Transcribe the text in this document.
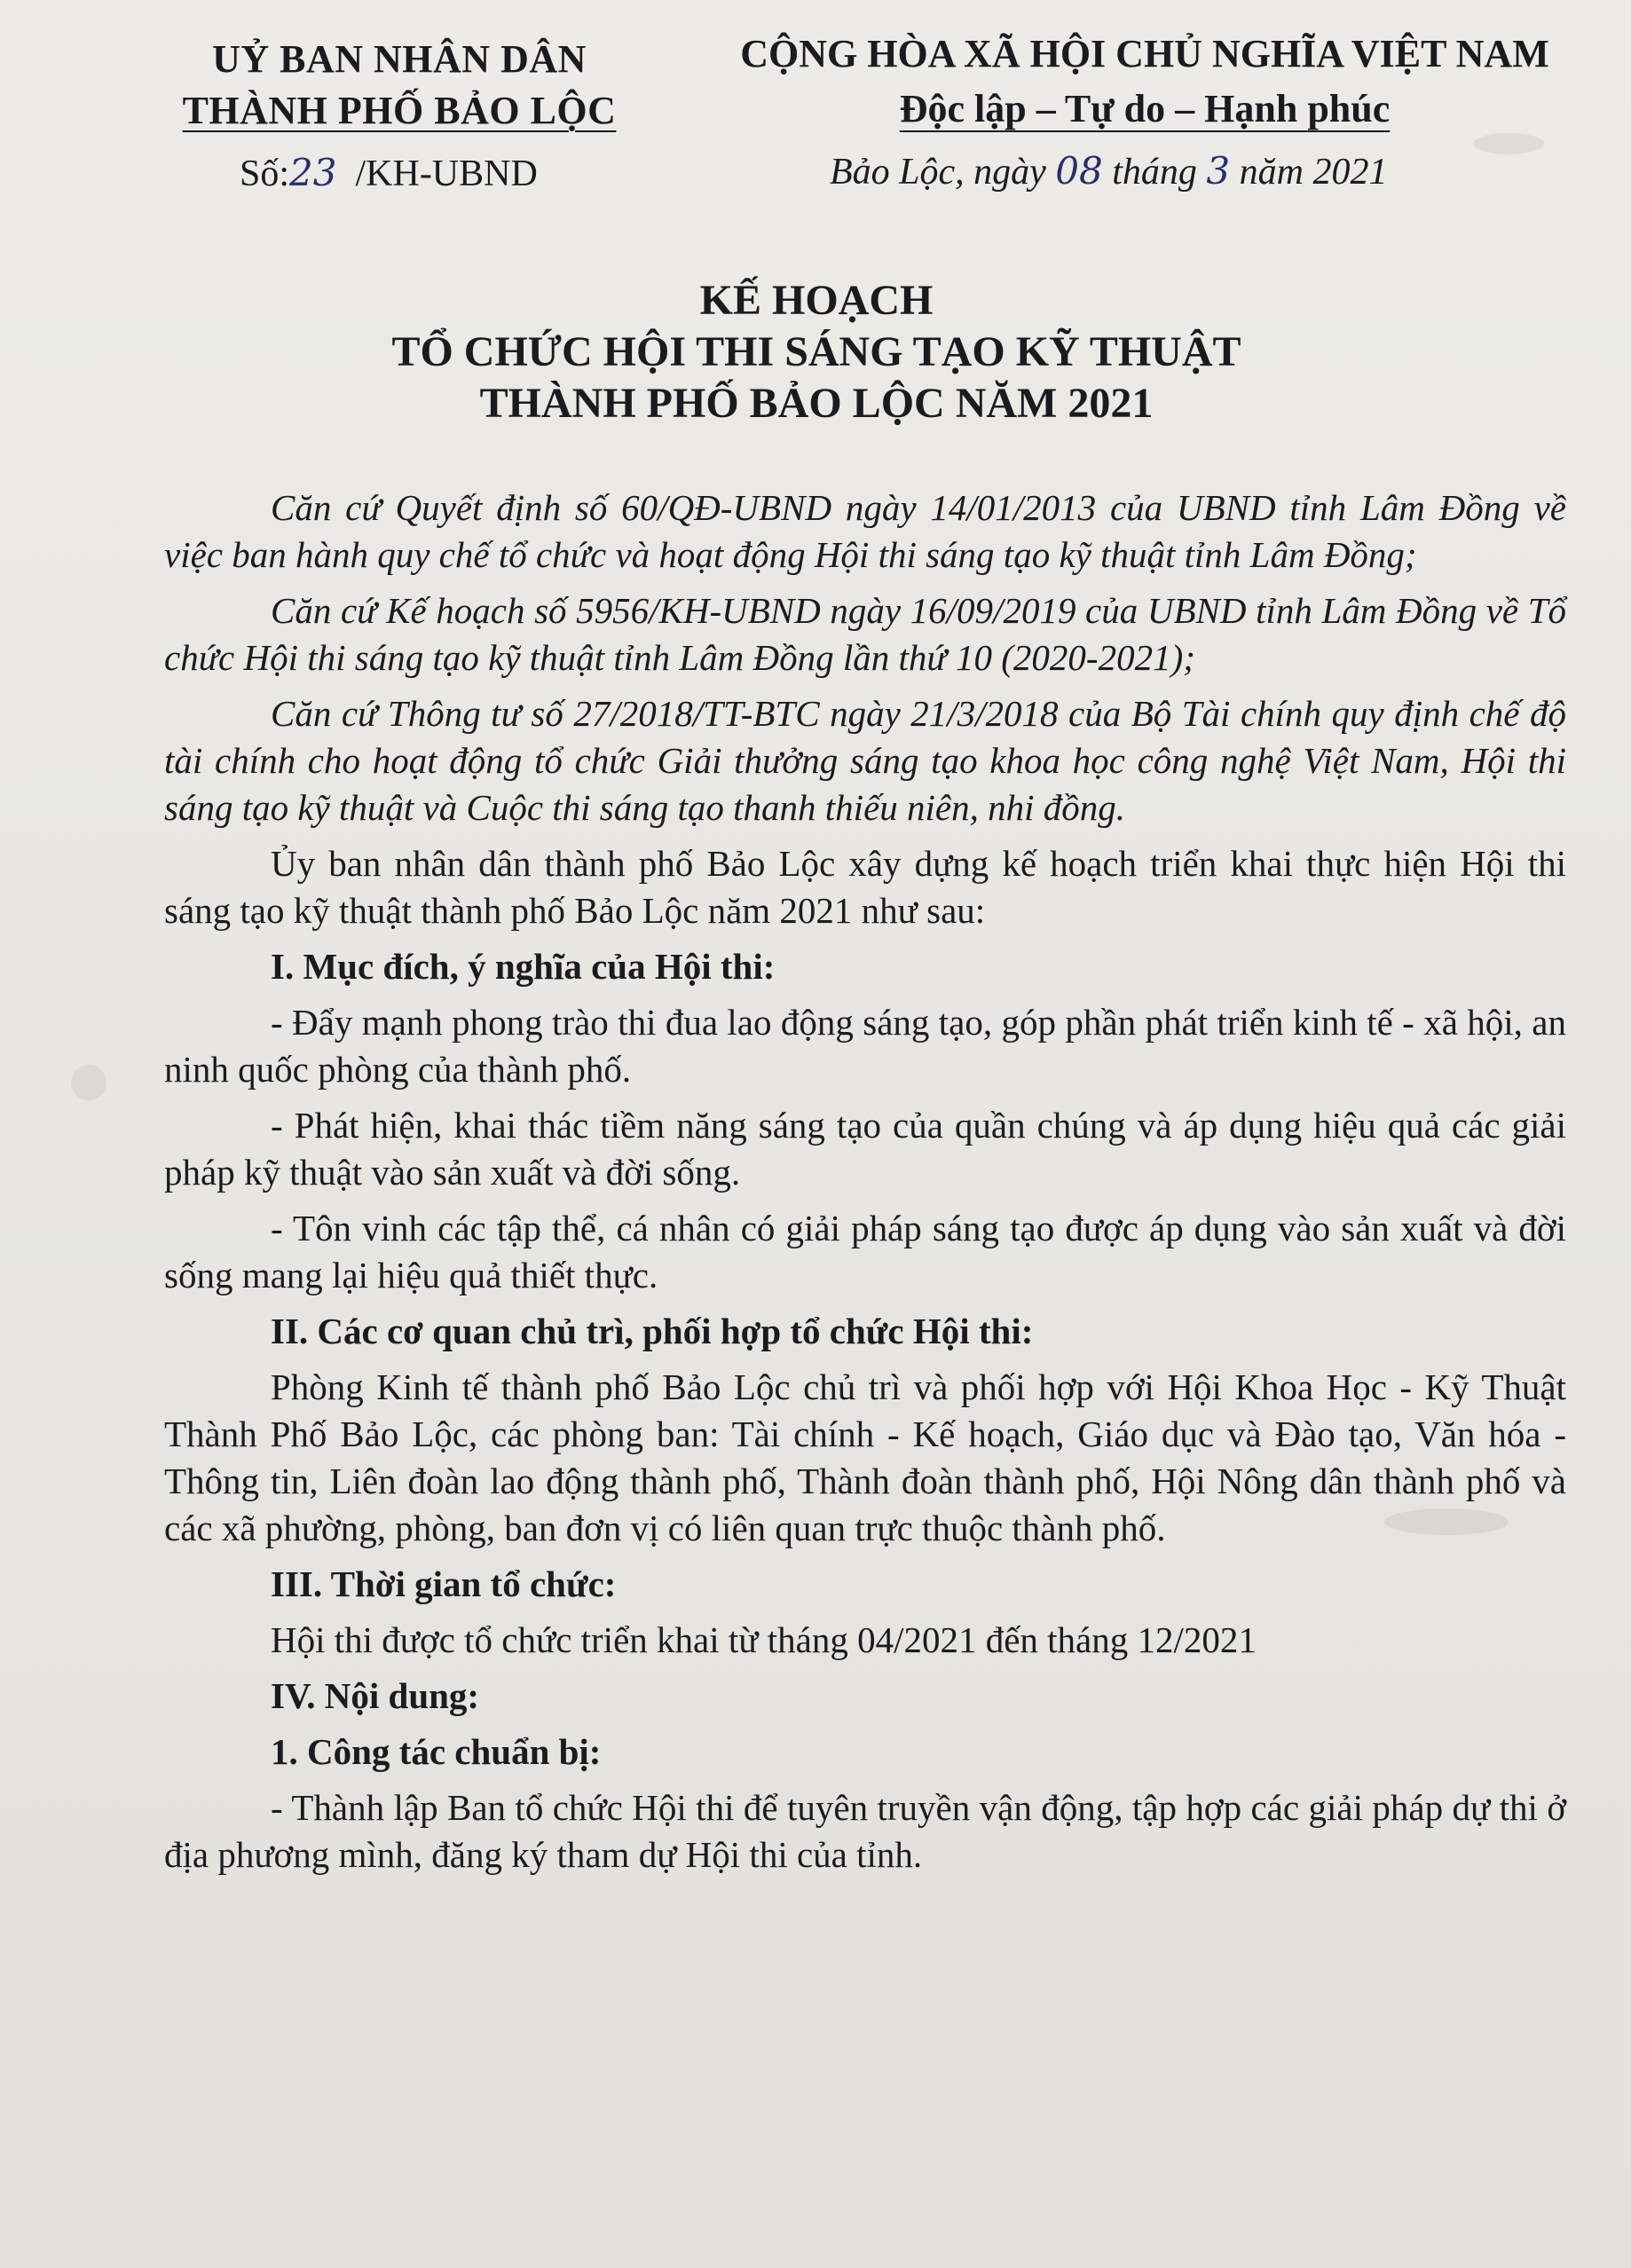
UỶ BAN NHÂN DÂN
THÀNH PHỐ BẢO LỘC
CỘNG HÒA XÃ HỘI CHỦ NGHĨA VIỆT NAM
Độc lập – Tự do – Hạnh phúc
Số:23 /KH-UBND	Bảo Lộc, ngày 08 tháng 3 năm 2021
KẾ HOẠCH
TỔ CHỨC HỘI THI SÁNG TẠO KỸ THUẬT
THÀNH PHỐ BẢO LỘC NĂM 2021

Căn cứ Quyết định số 60/QĐ-UBND ngày 14/01/2013 của UBND tỉnh Lâm Đồng về việc ban hành quy chế tổ chức và hoạt động Hội thi sáng tạo kỹ thuật tỉnh Lâm Đồng;

Căn cứ Kế hoạch số 5956/KH-UBND ngày 16/09/2019 của UBND tỉnh Lâm Đồng về Tổ chức Hội thi sáng tạo kỹ thuật tỉnh Lâm Đồng lần thứ 10 (2020-2021);

Căn cứ Thông tư số 27/2018/TT-BTC ngày 21/3/2018 của Bộ Tài chính quy định chế độ tài chính cho hoạt động tổ chức Giải thưởng sáng tạo khoa học công nghệ Việt Nam, Hội thi sáng tạo kỹ thuật và Cuộc thi sáng tạo thanh thiếu niên, nhi đồng.

Ủy ban nhân dân thành phố Bảo Lộc xây dựng kế hoạch triển khai thực hiện Hội thi sáng tạo kỹ thuật thành phố Bảo Lộc năm 2021 như sau:

I. Mục đích, ý nghĩa của Hội thi:

- Đẩy mạnh phong trào thi đua lao động sáng tạo, góp phần phát triển kinh tế - xã hội, an ninh quốc phòng của thành phố.

- Phát hiện, khai thác tiềm năng sáng tạo của quần chúng và áp dụng hiệu quả các giải pháp kỹ thuật vào sản xuất và đời sống.

- Tôn vinh các tập thể, cá nhân có giải pháp sáng tạo được áp dụng vào sản xuất và đời sống mang lại hiệu quả thiết thực.

II. Các cơ quan chủ trì, phối hợp tổ chức Hội thi:

Phòng Kinh tế thành phố Bảo Lộc chủ trì và phối hợp với Hội Khoa Học - Kỹ Thuật Thành Phố Bảo Lộc, các phòng ban: Tài chính - Kế hoạch, Giáo dục và Đào tạo, Văn hóa - Thông tin, Liên đoàn lao động thành phố, Thành đoàn thành phố, Hội Nông dân thành phố và các xã phường, phòng, ban đơn vị có liên quan trực thuộc thành phố.

III. Thời gian tổ chức:

Hội thi được tổ chức triển khai từ tháng 04/2021 đến tháng 12/2021

IV. Nội dung:

1. Công tác chuẩn bị:

- Thành lập Ban tổ chức Hội thi để tuyên truyền vận động, tập hợp các giải pháp dự thi ở địa phương mình, đăng ký tham dự Hội thi của tỉnh.
